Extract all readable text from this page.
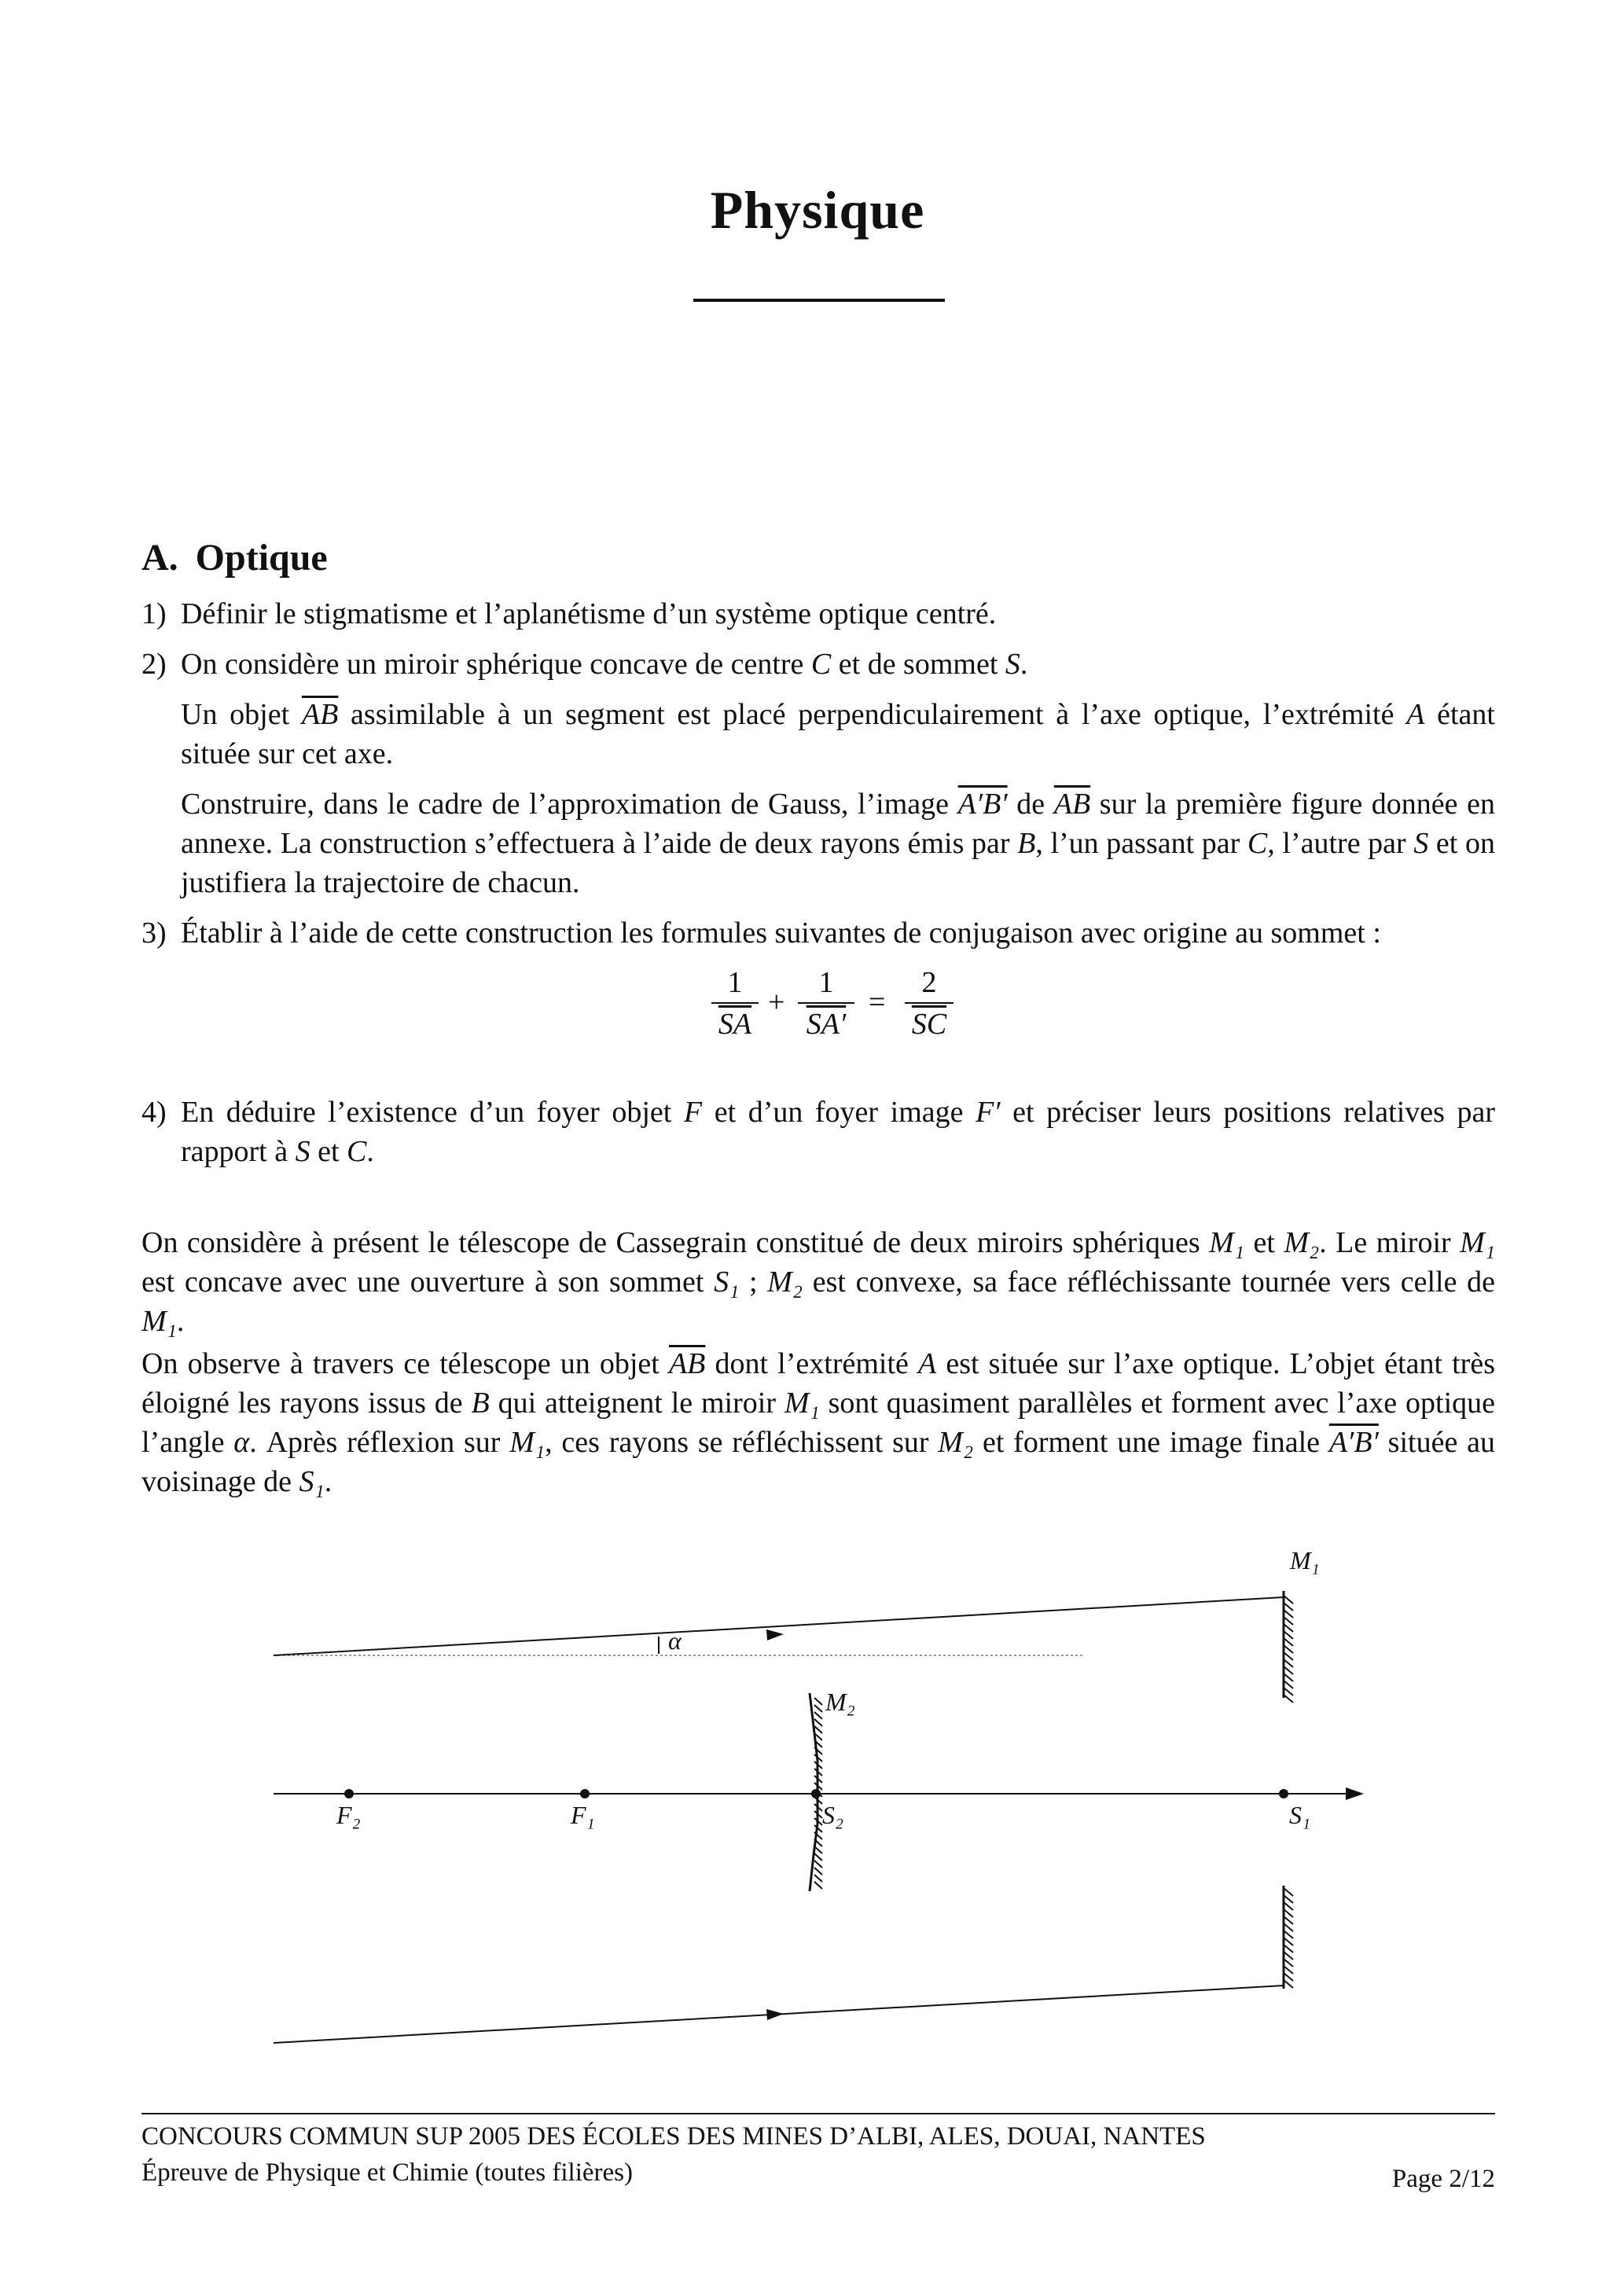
Physique
A. Optique
1) Définir le stigmatisme et l’aplanétisme d’un système optique centré.

2) On considère un miroir sphérique concave de centre C et de sommet S.

Un objet $\overline{AB}$ assimilable à un segment est placé perpendiculairement à l’axe optique, l’extrémité A étant située sur cet axe.

Construire, dans le cadre de l’approximation de Gauss, l’image A′B′ de $\overline{AB}$ sur la première figure donnée en annexe. La construction s’effectuera à l’aide de deux rayons émis par B, l’un passant par C, l’autre par S et on justifiera la trajectoire de chacun.

3) Établir à l’aide de cette construction les formules suivantes de conjugaison avec origine au sommet :

$\frac{1}{SA} + \frac{1}{SA'} = \frac{2}{SC}$
4) En déduire l’existence d’un foyer objet F et d’un foyer image F′ et préciser leurs positions relatives par rapport à S et C.

On considère à présent le télescope de Cassegrain constitué de deux miroirs sphériques M₁ et M₂. Le miroir M₁ est concave avec une ouverture à son sommet S₁ ; M₂ est convexe, sa face réfléchissante tournée vers celle de M₁.

On observe à travers ce télescope un objet $\overline{AB}$ dont l’extrémité A est située sur l’axe optique. L’objet étant très éloigné les rayons issus de B qui atteignent le miroir M₁ sont quasiment parallèles et forment avec l’axe optique l’angle α. Après réflexion sur M₁, ces rayons se réfléchissent sur M₂ et forment une image finale A′B′ située au voisinage de S₁.

M₁
M₂
α
F₂	F₁	S₂	S₁
CONCOURS COMMUN SUP 2005 DES ÉCOLES DES MINES D’ALBI, ALES, DOUAI, NANTES
Épreuve de Physique et Chimie (toutes filières)	Page 2/12
